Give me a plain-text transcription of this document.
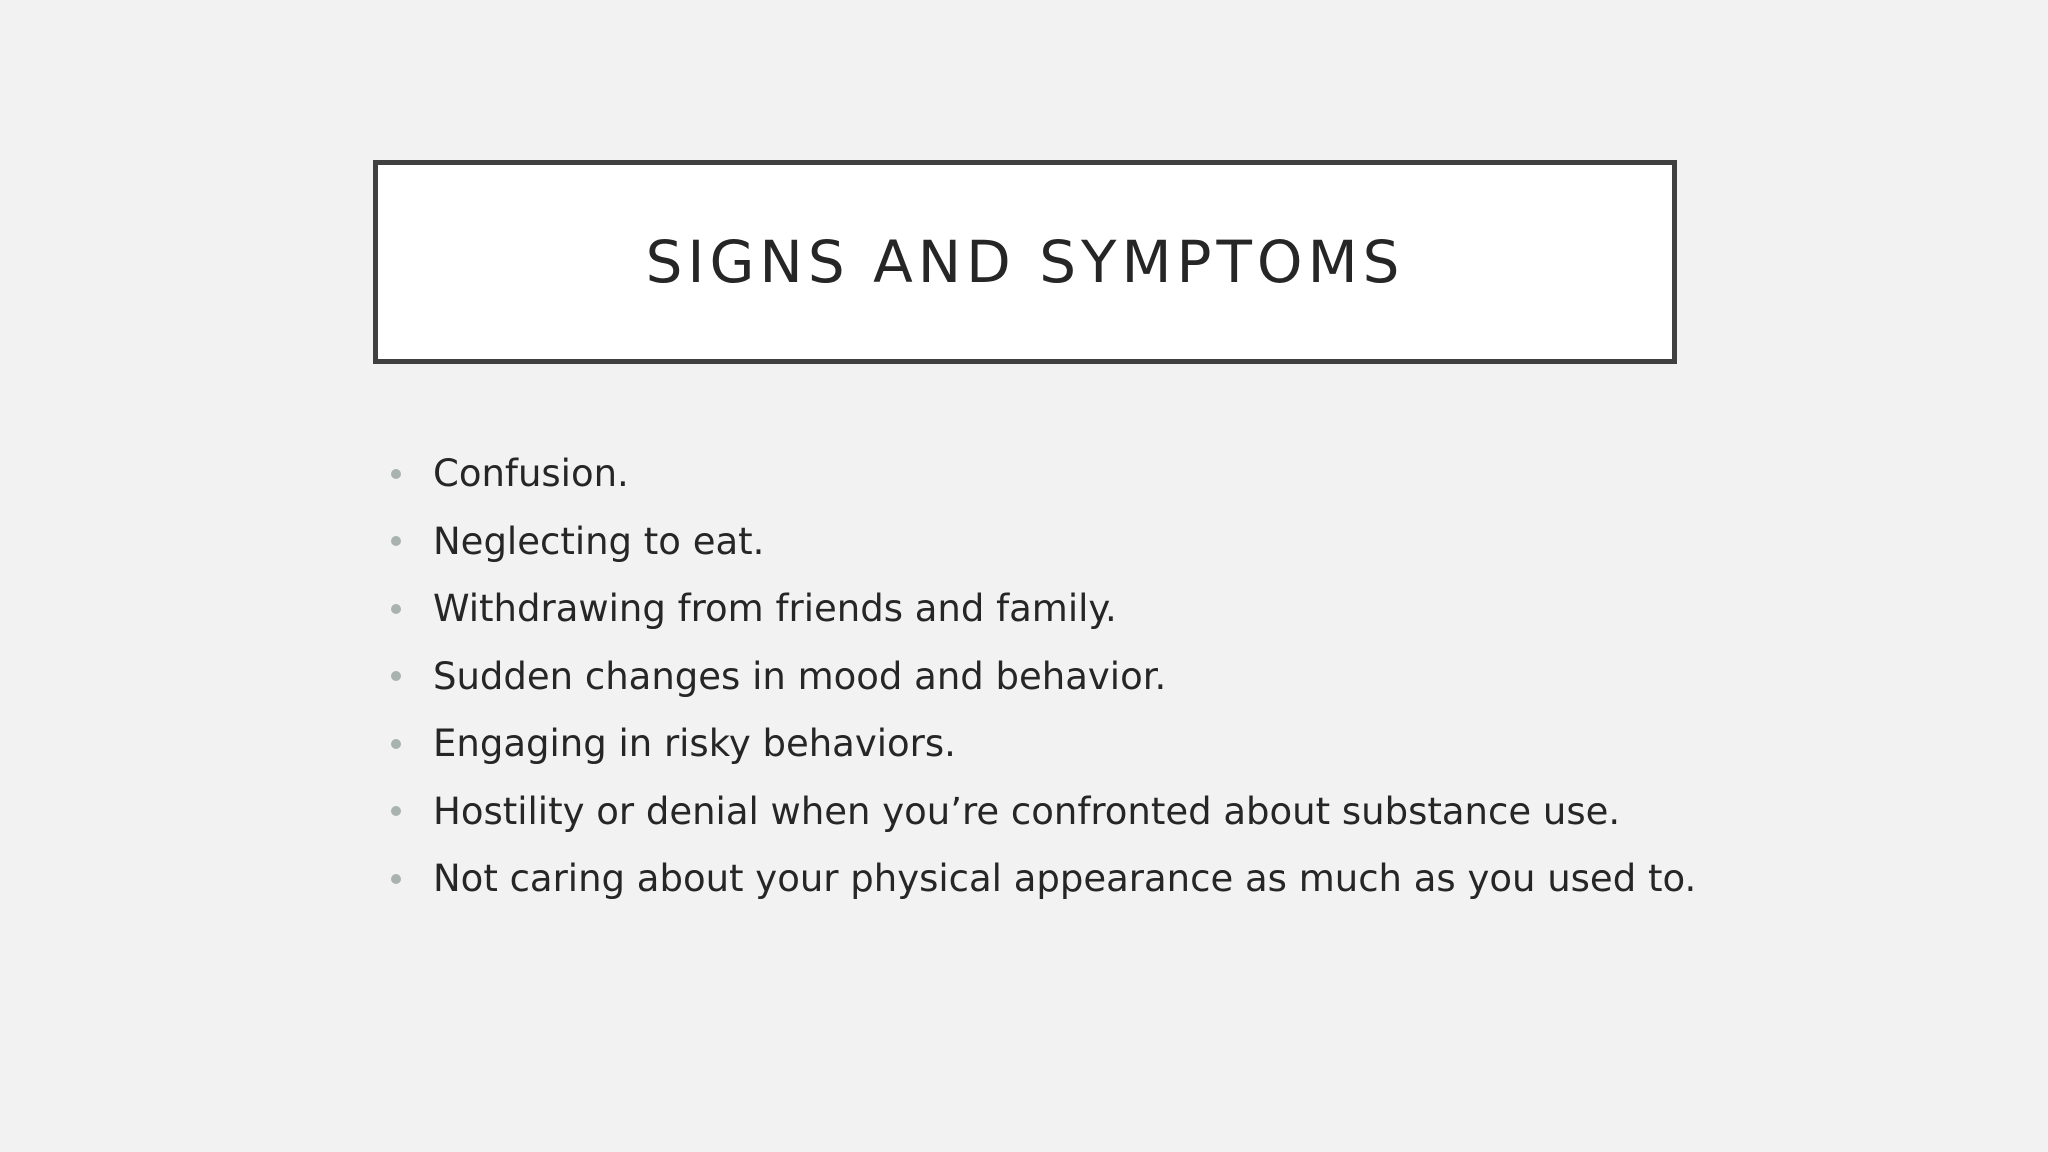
SIGNS AND SYMPTOMS
Confusion.
Neglecting to eat.
Withdrawing from friends and family.
Sudden changes in mood and behavior.
Engaging in risky behaviors.
Hostility or denial when you’re confronted about substance use.
Not caring about your physical appearance as much as you used to.
